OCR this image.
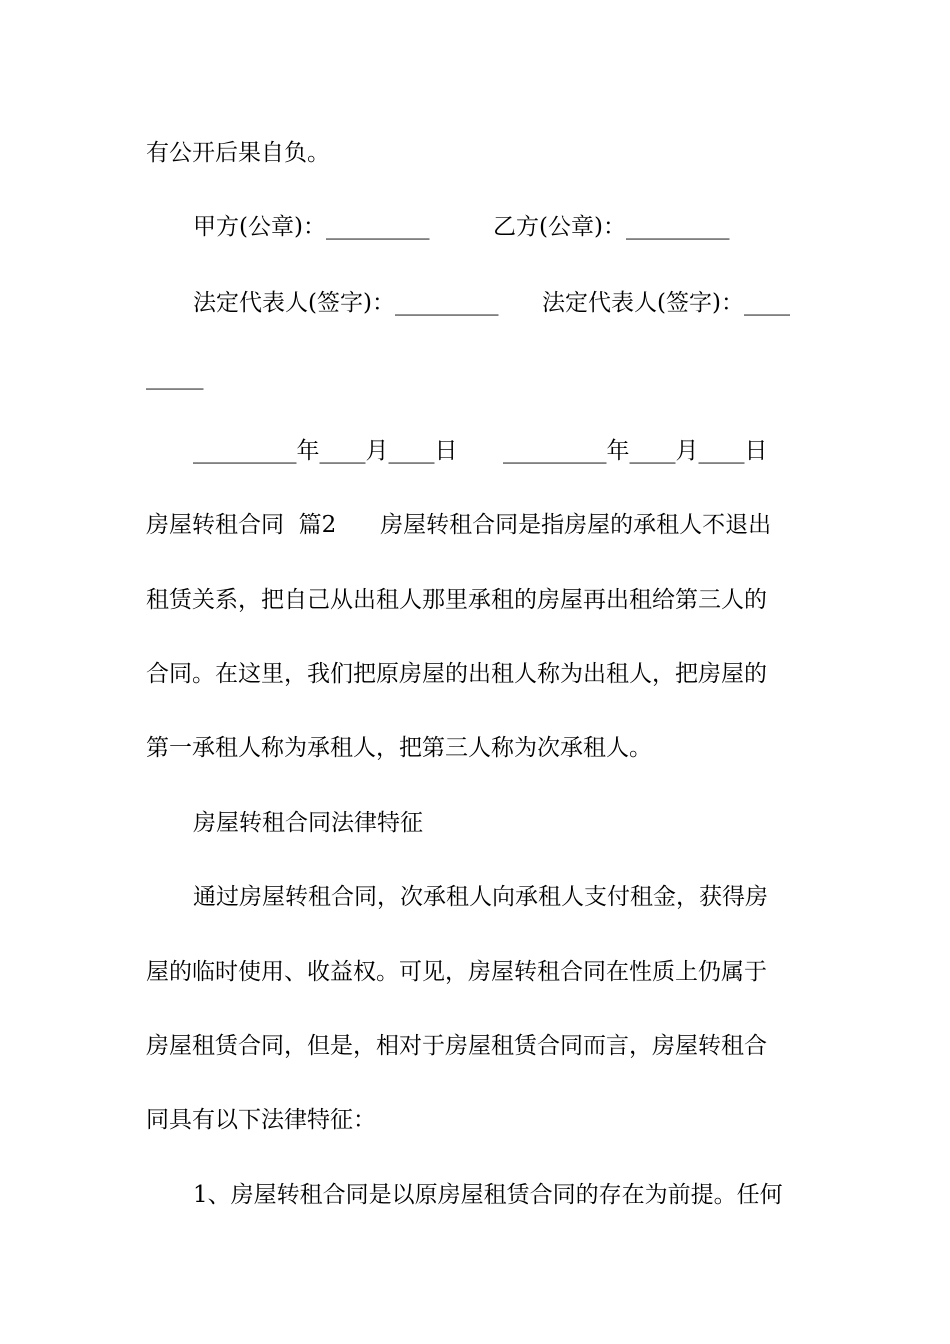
有公开后果自负。
甲方(公章)：_________	乙方(公章)：_________
法定代表人(签字)：_________ 法定代表人(签字)：____
_____
_________年____月____日 _________年____月____日
房屋转租合同  篇2      房屋转租合同是指房屋的承租人不退出
租赁关系，把自己从出租人那里承租的房屋再出租给第三人的
合同。在这里，我们把原房屋的出租人称为出租人，把房屋的
第一承租人称为承租人，把第三人称为次承租人。
房屋转租合同法律特征
通过房屋转租合同，次承租人向承租人支付租金，获得房
屋的临时使用、收益权。可见，房屋转租合同在性质上仍属于
房屋租赁合同，但是，相对于房屋租赁合同而言，房屋转租合
同具有以下法律特征：
1、房屋转租合同是以原房屋租赁合同的存在为前提。任何
